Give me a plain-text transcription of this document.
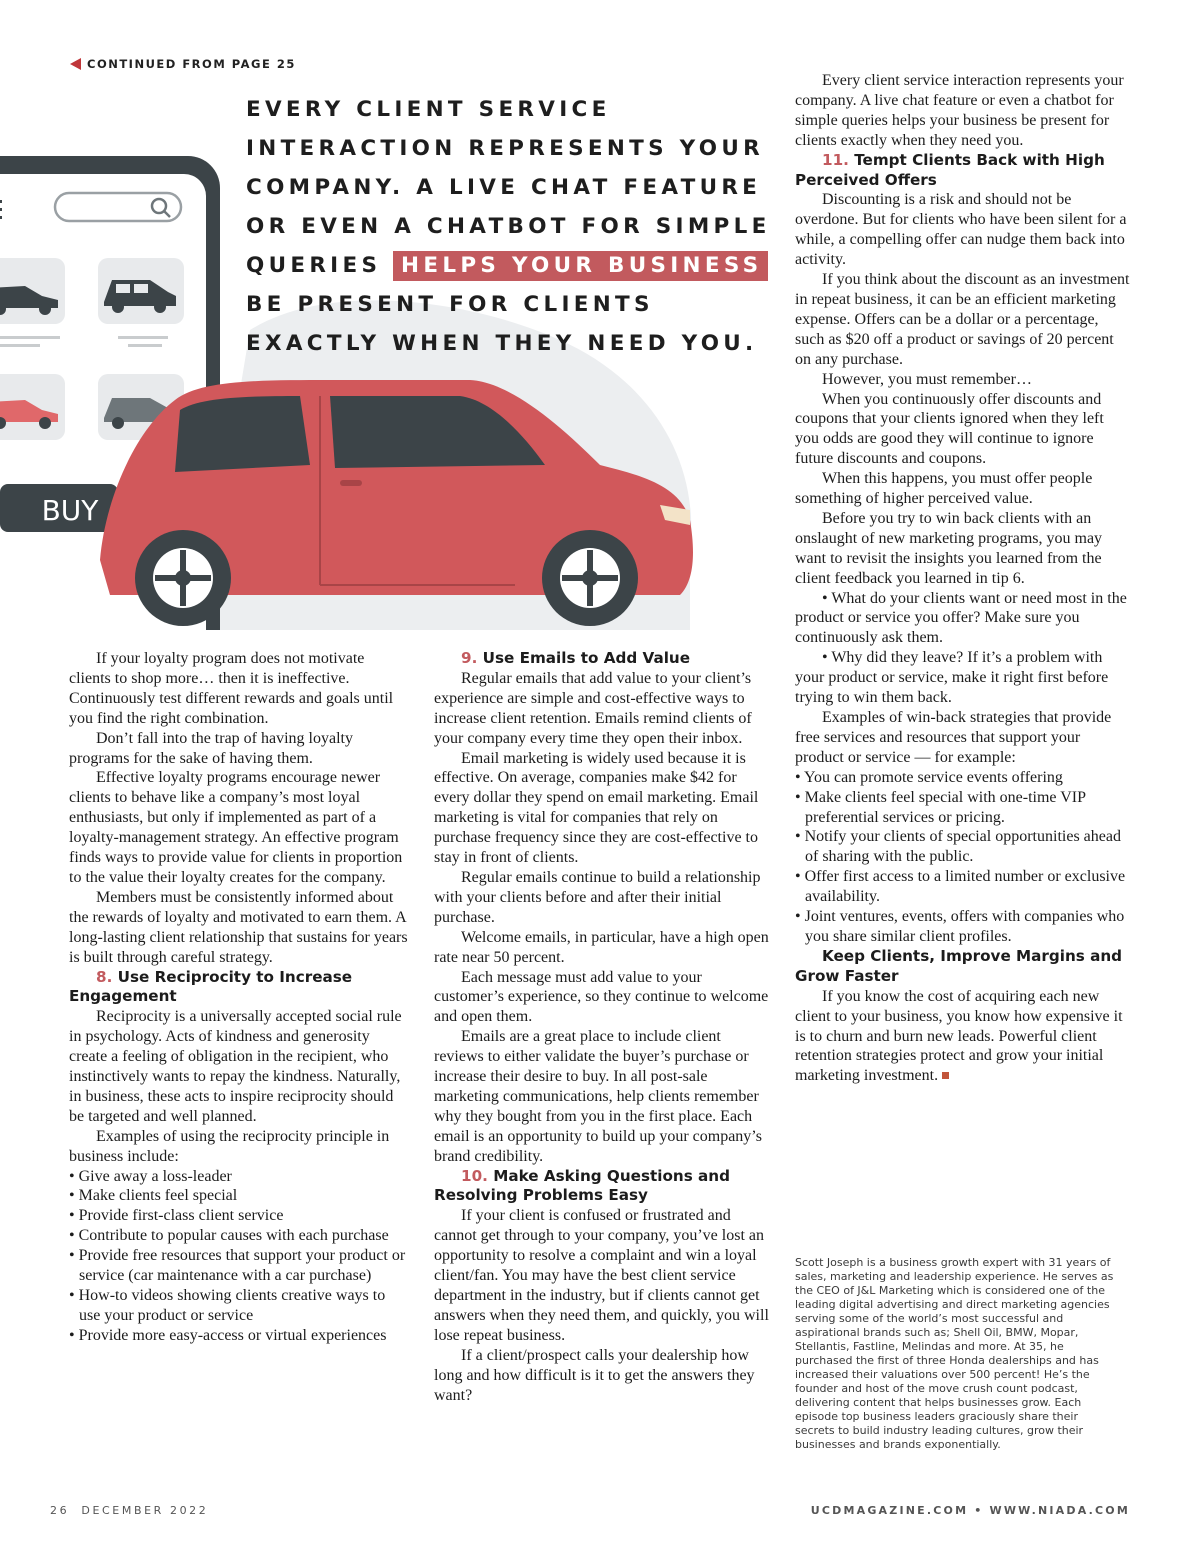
CONTINUED FROM PAGE 25
BUY
EVERY CLIENT SERVICE INTERACTION REPRESENTS YOUR COMPANY. A LIVE CHAT FEATURE OR EVEN A CHATBOT FOR SIMPLE QUERIES HELPS YOUR BUSINESS BE PRESENT FOR CLIENTS EXACTLY WHEN THEY NEED YOU.

If your loyalty program does not motivate clients to shop more… then it is ineffective. Continuously test different rewards and goals until you find the right combination.

Don’t fall into the trap of having loyalty programs for the sake of having them.

Effective loyalty programs encourage newer clients to behave like a company’s most loyal enthusiasts, but only if implemented as part of a loyalty-management strategy. An effective program finds ways to provide value for clients in proportion to the value their loyalty creates for the company.

Members must be consistently informed about the rewards of loyalty and motivated to earn them. A long-lasting client relationship that sustains for years is built through careful strategy.

8. Use Reciprocity to Increase Engagement

Reciprocity is a universally accepted social rule in psychology. Acts of kindness and generosity create a feeling of obligation in the recipient, who instinctively wants to repay the kindness. Naturally, in business, these acts to inspire reciprocity should be targeted and well planned.

Examples of using the reciprocity principle in business include:

• Give away a loss-leader
• Make clients feel special
• Provide first-class client service
• Contribute to popular causes with each purchase
• Provide free resources that support your product or service (car maintenance with a car purchase)
• How-to videos showing clients creative ways to use your product or service
• Provide more easy-access or virtual experiences
9. Use Emails to Add Value

Regular emails that add value to your client’s experience are simple and cost-effective ways to increase client retention. Emails remind clients of your company every time they open their inbox.

Email marketing is widely used because it is effective. On average, companies make $42 for every dollar they spend on email marketing. Email marketing is vital for companies that rely on purchase frequency since they are cost-effective to stay in front of clients.

Regular emails continue to build a relationship with your clients before and after their initial purchase.

Welcome emails, in particular, have a high open rate near 50 percent.

Each message must add value to your customer’s experience, so they continue to welcome and open them.

Emails are a great place to include client reviews to either validate the buyer’s purchase or increase their desire to buy. In all post-sale marketing communications, help clients remember why they bought from you in the first place. Each email is an opportunity to build up your company’s brand credibility.

10. Make Asking Questions and Resolving Problems Easy

If your client is confused or frustrated and cannot get through to your company, you’ve lost an opportunity to resolve a complaint and win a loyal client/fan. You may have the best client service department in the industry, but if clients cannot get answers when they need them, and quickly, you will lose repeat business.

If a client/prospect calls your dealership how long and how difficult is it to get the answers they want?

Every client service interaction represents your company. A live chat feature or even a chatbot for simple queries helps your business be present for clients exactly when they need you.

11. Tempt Clients Back with High Perceived Offers

Discounting is a risk and should not be overdone. But for clients who have been silent for a while, a compelling offer can nudge them back into activity.

If you think about the discount as an investment in repeat business, it can be an efficient marketing expense. Offers can be a dollar or a percentage, such as $20 off a product or savings of 20 percent on any purchase.

However, you must remember…

When you continuously offer discounts and coupons that your clients ignored when they left you odds are good they will continue to ignore future discounts and coupons.

When this happens, you must offer people something of higher perceived value.

Before you try to win back clients with an onslaught of new marketing programs, you may want to revisit the insights you learned from the client feedback you learned in tip 6.

• What do your clients want or need most in the product or service you offer? Make sure you continuously ask them.

• Why did they leave? If it’s a problem with your product or service, make it right first before trying to win them back.

Examples of win-back strategies that provide free services and resources that support your product or service — for example:

• You can promote service events offering
• Make clients feel special with one-time VIP preferential services or pricing.
• Notify your clients of special opportunities ahead of sharing with the public.
• Offer first access to a limited number or exclusive availability.
• Joint ventures, events, offers with companies who you share similar client profiles.
Keep Clients, Improve Margins and Grow Faster

If you know the cost of acquiring each new client to your business, you know how expensive it is to churn and burn new leads. Powerful client retention strategies protect and grow your initial marketing investment.

Scott Joseph is a business growth expert with 31 years of sales, marketing and leadership experience. He serves as the CEO of J&L Marketing which is considered one of the leading digital advertising and direct marketing agencies serving some of the world’s most successful and aspirational brands such as; Shell Oil, BMW, Mopar, Stellantis, Fastline, Melindas and more. At 35, he purchased the first of three Honda dealerships and has increased their valuations over 500 percent! He’s the founder and host of the move crush count podcast, delivering content that helps businesses grow. Each episode top business leaders graciously share their secrets to build industry leading cultures, grow their businesses and brands exponentially.

26 DECEMBER 2022	UCDMAGAZINE.COM • WWW.NIADA.COM
